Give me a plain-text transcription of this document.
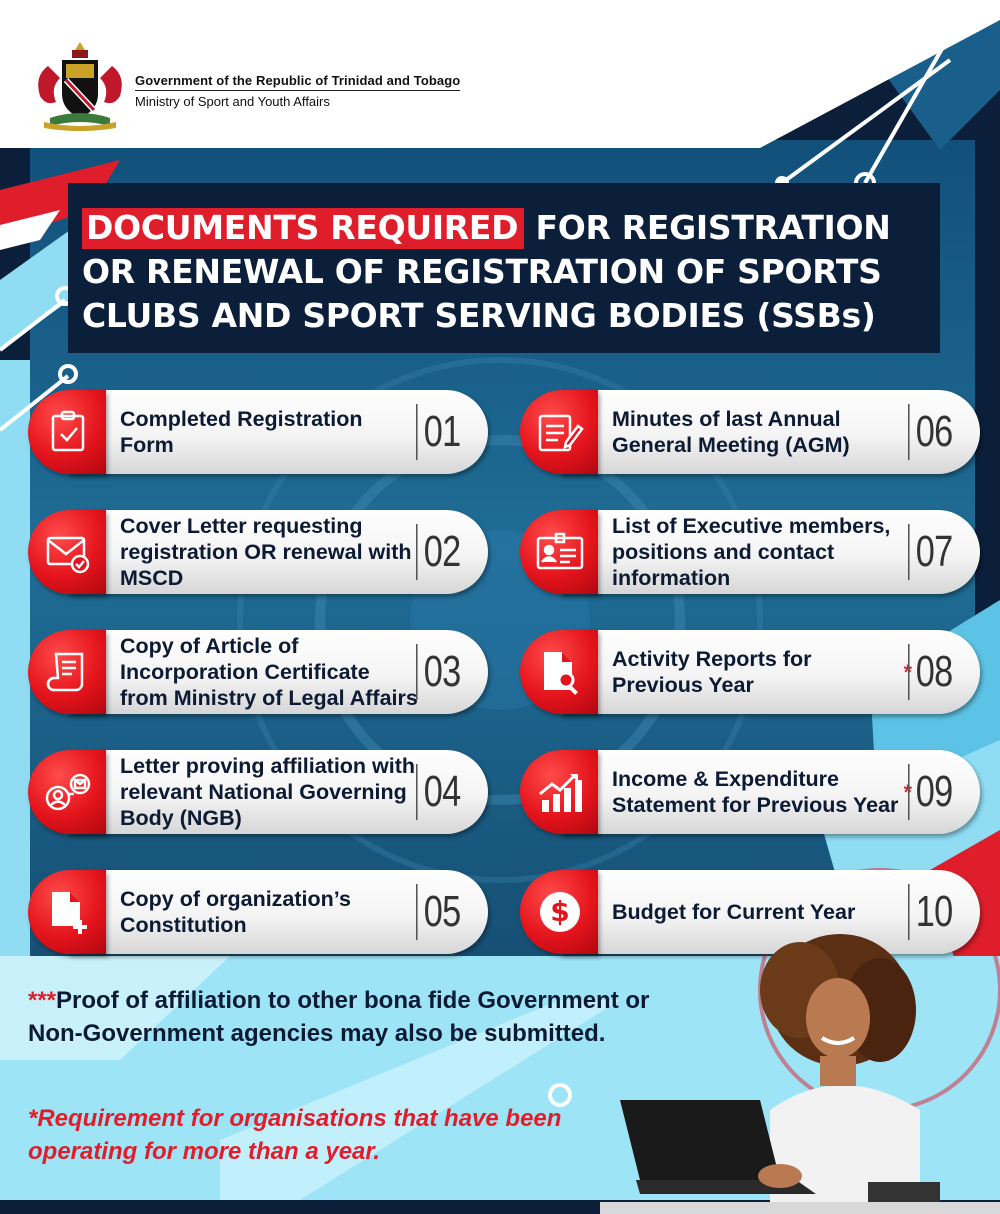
Government of the Republic of Trinidad and Tobago
Ministry of Sport and Youth Affairs
DOCUMENTS REQUIRED FOR REGISTRATION
OR RENEWAL OF REGISTRATION OF SPORTS
CLUBS AND SPORT SERVING BODIES (SSBs)
Completed Registration Form	01
Cover Letter requesting registration OR renewal with MSCD
02
Copy of Article of Incorporation Certificate from Ministry of Legal Affairs
03
Letter proving affiliation with relevant National Governing Body (NGB)
04
Copy of organization’s Constitution	05
Minutes of last Annual General Meeting (AGM)	06
List of Executive members, positions and contact information
07
Activity Reports for Previous Year
* 08
Income & Expenditure Statement for Previous Year
* 09
$ Budget for Current Year 10
***Proof of affiliation to other bona fide Government or Non-Government agencies may also be submitted.
*Requirement for organisations that have been operating for more than a year.
